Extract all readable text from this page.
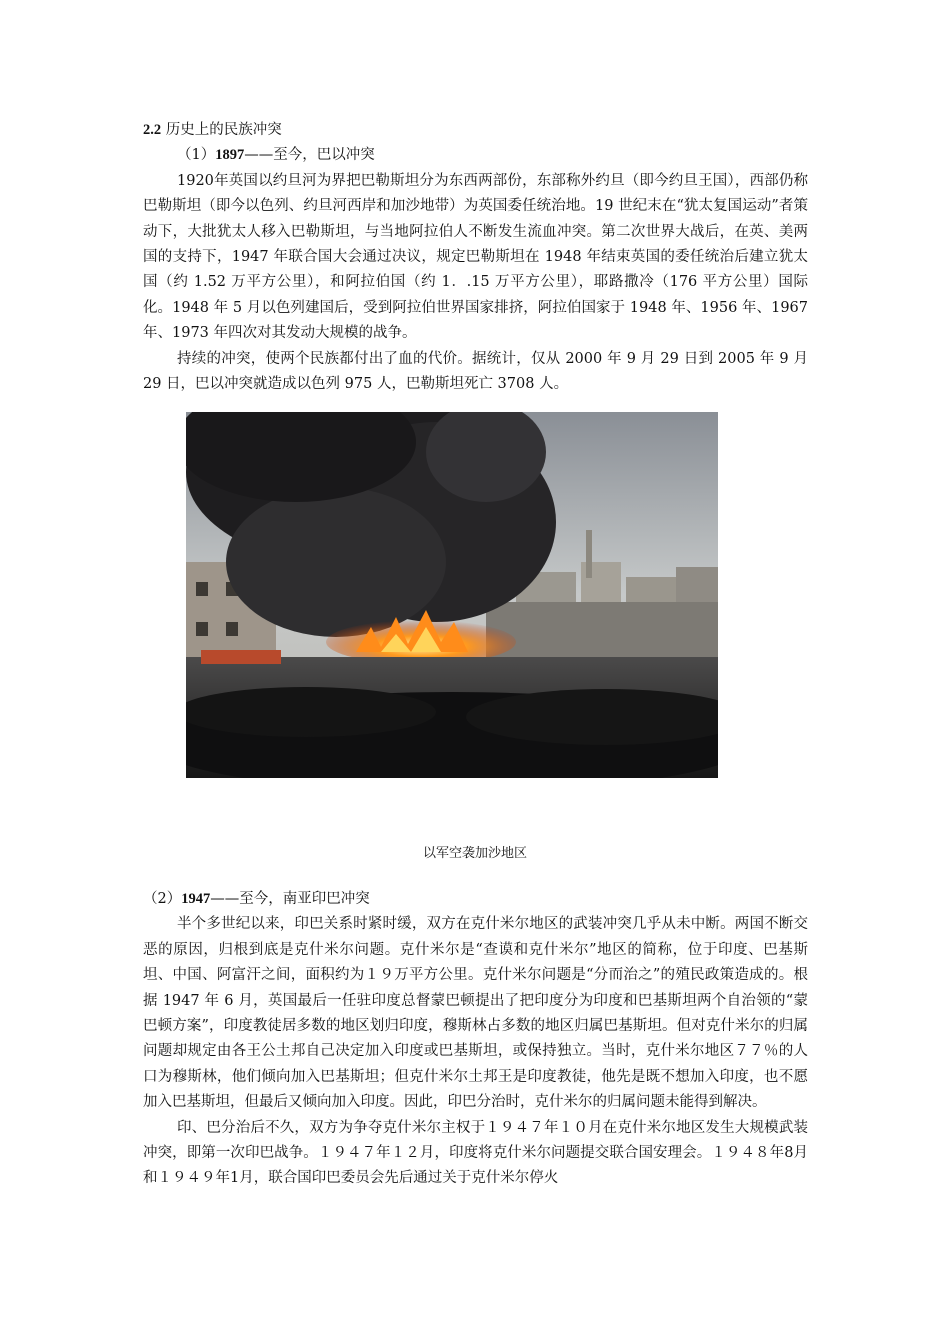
2.2 历史上的民族冲突

（1）1897——至今，巴以冲突

1920年英国以约旦河为界把巴勒斯坦分为东西两部份，东部称外约旦（即今约旦王国），西部仍称巴勒斯坦（即今以色列、约旦河西岸和加沙地带）为英国委任统治地。19 世纪末在“犹太复国运动”者策动下，大批犹太人移入巴勒斯坦，与当地阿拉伯人不断发生流血冲突。第二次世界大战后，在英、美两国的支持下，1947 年联合国大会通过决议，规定巴勒斯坦在 1948 年结束英国的委任统治后建立犹太国（约 1.52 万平方公里），和阿拉伯国（约 1．.15 万平方公里），耶路撒冷（176 平方公里）国际化。1948 年 5 月以色列建国后，受到阿拉伯世界国家排挤，阿拉伯国家于 1948 年、1956 年、1967 年、1973 年四次对其发动大规模的战争。

持续的冲突，使两个民族都付出了血的代价。据统计，仅从 2000 年 9 月 29 日到 2005 年 9 月 29 日，巴以冲突就造成以色列 975 人，巴勒斯坦死亡 3708 人。

以军空袭加沙地区

（2）1947——至今，南亚印巴冲突

半个多世纪以来，印巴关系时紧时缓，双方在克什米尔地区的武装冲突几乎从未中断。两国不断交恶的原因，归根到底是克什米尔问题。克什米尔是“查谟和克什米尔”地区的简称，位于印度、巴基斯坦、中国、阿富汗之间，面积约为１９万平方公里。克什米尔问题是“分而治之”的殖民政策造成的。根据 1947 年 6 月，英国最后一任驻印度总督蒙巴顿提出了把印度分为印度和巴基斯坦两个自治领的“蒙巴顿方案”，印度教徒居多数的地区划归印度，穆斯林占多数的地区归属巴基斯坦。但对克什米尔的归属问题却规定由各王公土邦自己决定加入印度或巴基斯坦，或保持独立。当时，克什米尔地区７７％的人口为穆斯林，他们倾向加入巴基斯坦；但克什米尔土邦王是印度教徒，他先是既不想加入印度，也不愿加入巴基斯坦，但最后又倾向加入印度。因此，印巴分治时，克什米尔的归属问题未能得到解决。

印、巴分治后不久，双方为争夺克什米尔主权于１９４７年１０月在克什米尔地区发生大规模武装冲突，即第一次印巴战争。１９４７年１２月，印度将克什米尔问题提交联合国安理会。１９４８年8月和１９４９年1月，联合国印巴委员会先后通过关于克什米尔停火
